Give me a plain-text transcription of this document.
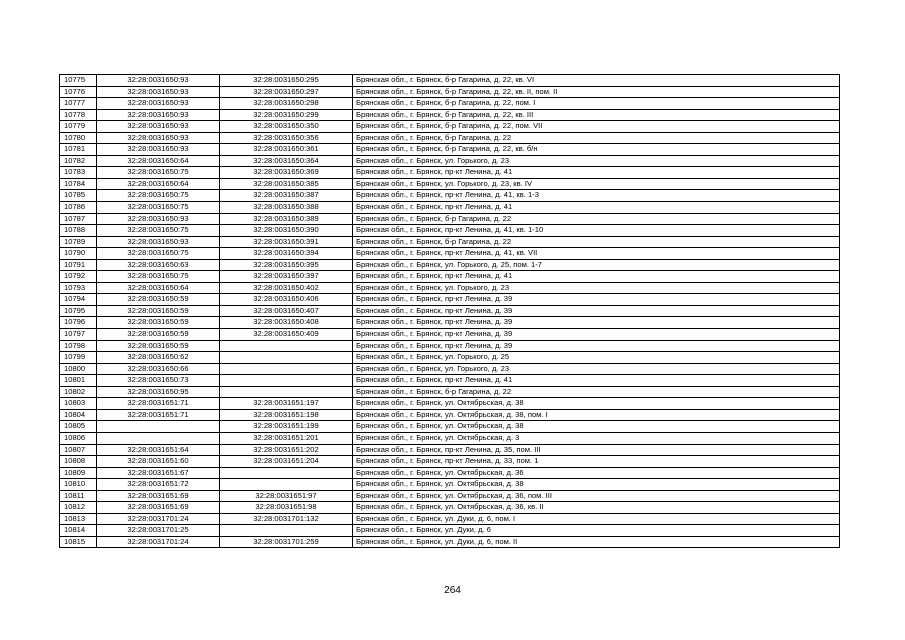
10775	32:28:0031650:93	32:28:0031650:295	Брянская обл., г. Брянск, б-р Гагарина, д. 22, кв. VI
10776	32:28:0031650:93	32:28:0031650:297	Брянская обл., г. Брянск, б-р Гагарина, д. 22, кв. II, пом. II
10777	32:28:0031650:93	32:28:0031650:298	Брянская обл., г. Брянск, б-р Гагарина, д. 22, пом. I
10778	32:28:0031650:93	32:28:0031650:299	Брянская обл., г. Брянск, б-р Гагарина, д. 22, кв. III
10779	32:28:0031650:93	32:28:0031650:350	Брянская обл., г. Брянск, б-р Гагарина, д. 22, пом. VII
10780	32:28:0031650:93	32:28:0031650:356	Брянская обл., г. Брянск, б-р Гагарина, д. 22
10781	32:28:0031650:93	32:28:0031650:361	Брянская обл., г. Брянск, б-р Гагарина, д. 22, кв. б/н
10782	32:28:0031650:64	32:28:0031650:364	Брянская обл., г. Брянск, ул. Горького, д. 23
10783	32:28:0031650:75	32:28:0031650:369	Брянская обл., г. Брянск, пр-кт Ленина, д. 41
10784	32:28:0031650:64	32:28:0031650:385	Брянская обл., г. Брянск, ул. Горького, д. 23, кв. IV
10785	32:28:0031650:75	32:28:0031650:387	Брянская обл., г. Брянск, пр-кт Ленина, д. 41, кв. 1-3
10786	32:28:0031650:75	32:28:0031650:388	Брянская обл., г. Брянск, пр-кт Ленина, д. 41
10787	32:28:0031650:93	32:28:0031650:389	Брянская обл., г. Брянск, б-р Гагарина, д. 22
10788	32:28:0031650:75	32:28:0031650:390	Брянская обл., г. Брянск, пр-кт Ленина, д. 41, кв. 1-10
10789	32:28:0031650:93	32:28:0031650:391	Брянская обл., г. Брянск, б-р Гагарина, д. 22
10790	32:28:0031650:75	32:28:0031650:394	Брянская обл., г. Брянск, пр-кт Ленина, д. 41, кв. VII
10791	32:28:0031650:63	32:28:0031650:395	Брянская обл., г. Брянск, ул. Горького, д. 25, пом. 1-7
10792	32:28:0031650:75	32:28:0031650:397	Брянская обл., г. Брянск, пр-кт Ленина, д. 41
10793	32:28:0031650:64	32:28:0031650:402	Брянская обл., г. Брянск, ул. Горького, д. 23
10794	32:28:0031650:59	32:28:0031650:406	Брянская обл., г. Брянск, пр-кт Ленина, д. 39
10795	32:28:0031650:59	32:28:0031650:407	Брянская обл., г. Брянск, пр-кт Ленина, д. 39
10796	32:28:0031650:59	32:28:0031650:408	Брянская обл., г. Брянск, пр-кт Ленина, д. 39
10797	32:28:0031650:59	32:28:0031650:409	Брянская обл., г. Брянск, пр-кт Ленина, д. 39
10798	32:28:0031650:59		Брянская обл., г. Брянск, пр-кт Ленина, д. 39
10799	32:28:0031650:62		Брянская обл., г. Брянск, ул. Горького, д. 25
10800	32:28:0031650:66		Брянская обл., г. Брянск, ул. Горького, д. 23
10801	32:28:0031650:73		Брянская обл., г. Брянск, пр-кт Ленина, д. 41
10802	32:28:0031650:95		Брянская обл., г. Брянск, б-р Гагарина, д. 22
10803	32:28:0031651:71	32:28:0031651:197	Брянская обл., г. Брянск, ул. Октябрьская, д. 38
10804	32:28:0031651:71	32:28:0031651:198	Брянская обл., г. Брянск, ул. Октябрьская, д. 38, пом. I
10805		32:28:0031651:199	Брянская обл., г. Брянск, ул. Октябрьская, д. 38
10806		32:28:0031651:201	Брянская обл., г. Брянск, ул. Октябрьская, д. 3
10807	32:28:0031651:64	32:28:0031651:202	Брянская обл., г. Брянск, пр-кт Ленина, д. 35, пом. III
10808	32:28:0031651:60	32:28:0031651:204	Брянская обл., г. Брянск, пр-кт Ленина, д. 33, пом. 1
10809	32:28:0031651:67		Брянская обл., г. Брянск, ул. Октябрьская, д. 36
10810	32:28:0031651:72		Брянская обл., г. Брянск, ул. Октябрьская, д. 38
10811	32:28:0031651:69	32:28:0031651:97	Брянская обл., г. Брянск, ул. Октябрьская, д. 36, пом. III
10812	32:28:0031651:69	32:28:0031651:98	Брянская обл., г. Брянск, ул. Октябрьская, д. 36, кв. II
10813	32:28:0031701:24	32:28:0031701:132	Брянская обл., г. Брянск, ул. Дуки, д. 6, пом. I
10814	32:28:0031701:25		Брянская обл., г. Брянск, ул. Дуки, д. 6
10815	32:28:0031701:24	32:28:0031701:259	Брянская обл., г. Брянск, ул. Дуки, д. 6, пом. II
264
